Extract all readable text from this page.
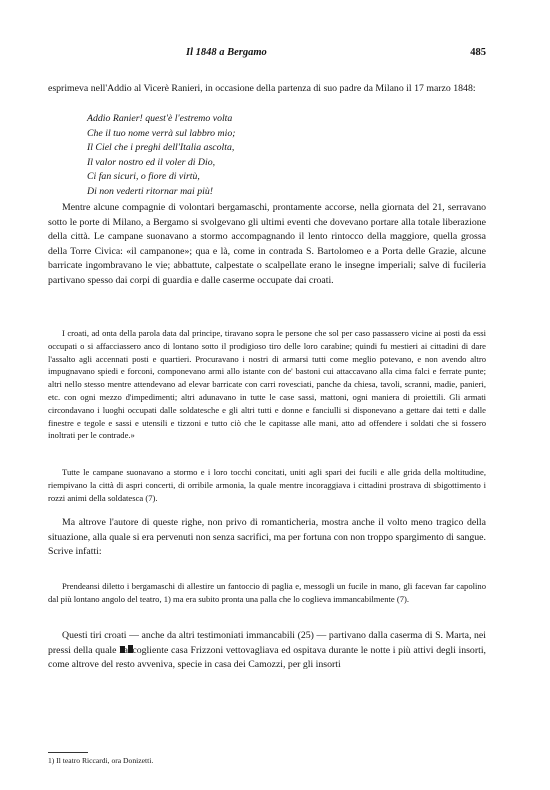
Il 1848 a Bergamo	485
esprimeva nell'Addio al Vicerè Ranieri, in occasione della partenza di suo padre da Milano il 17 marzo 1848:
Addio Ranier! quest'è l'estremo volta
Che il tuo nome verrà sul labbro mio;
Il Ciel che i preghi dell'Italia ascolta,
Il valor nostro ed il voler di Dio,
Ci fan sicuri, o fiore di virtù,
Di non vederti ritornar mai più!
Mentre alcune compagnie di volontari bergamaschi, prontamente accorse, nella giornata del 21, serravano sotto le porte di Milano, a Bergamo si svolgevano gli ultimi eventi che dovevano portare alla totale liberazione della città. Le campane suonavano a stormo accompagnando il lento rintocco della maggiore, quella grossa della Torre Civica: «il campanone»; qua e là, come in contrada S. Bartolomeo e a Porta delle Grazie, alcune barricate ingombravano le vie; abbattute, calpestate o scalpellate erano le insegne imperiali; salve di fucileria partivano spesso dai corpi di guardia e dalle caserme occupate dai croati.
I croati, ad onta della parola data dal principe, tiravano sopra le persone che sol per caso passassero vicine ai posti da essi occupati o si affacciassero anco di lontano sotto il prodigioso tiro delle loro carabine; quindi fu mestieri ai cittadini di dare l'assalto agli accennati posti e quartieri. Procuravano i nostri di armarsi tutti come meglio potevano, e non avendo altro impugnavano spiedi e forconi, componevano armi allo istante con de' bastoni cui attaccavano alla cima falci e ferrate punte; altri nello stesso mentre attendevano ad elevar barricate con carri rovesciati, panche da chiesa, tavoli, scranni, madie, panieri, etc. con ogni mezzo d'impedimenti; altri adunavano in tutte le case sassi, mattoni, ogni maniera di proiettili. Gli armati circondavano i luoghi occupati dalle soldatesche e gli altri tutti e donne e fanciulli si disponevano a gettare dai tetti e dalle finestre e tegole e sassi e utensili e tizzoni e tutto ciò che le capitasse alle mani, atto ad offendere i soldati che si fossero inoltrati per le contrade.»
Tutte le campane suonavano a stormo e i loro tocchi concitati, uniti agli spari dei fucili e alle grida della moltitudine, riempivano la città di aspri concerti, di orribile armonia, la quale mentre incoraggiava i cittadini prostrava di sbigottimento i rozzi animi della soldatesca (7).
Ma altrove l'autore di queste righe, non privo di romanticheria, mostra anche il volto meno tragico della situazione, alla quale si era pervenuti non senza sacrifici, ma per fortuna con non troppo spargimento di sangue. Scrive infatti:
Prendeansi diletto i bergamaschi di allestire un fantoccio di paglia e, messogli un fucile in mano, gli facevan far capolino dal più lontano angolo del teatro, 1) ma era subito pronta una palla che lo coglieva immancabilmente (7).
Questi tiri croati — anche da altri testimoniati immancabili (25) — partivano dalla caserma di S. Marta, nei pressi della quale l'accogliente casa Frizzoni vettovagliava ed ospitava durante le notte i più attivi degli insorti, come altrove del resto avveniva, specie in casa dei Camozzi, per gli insorti
1) Il teatro Riccardi, ora Donizetti.
